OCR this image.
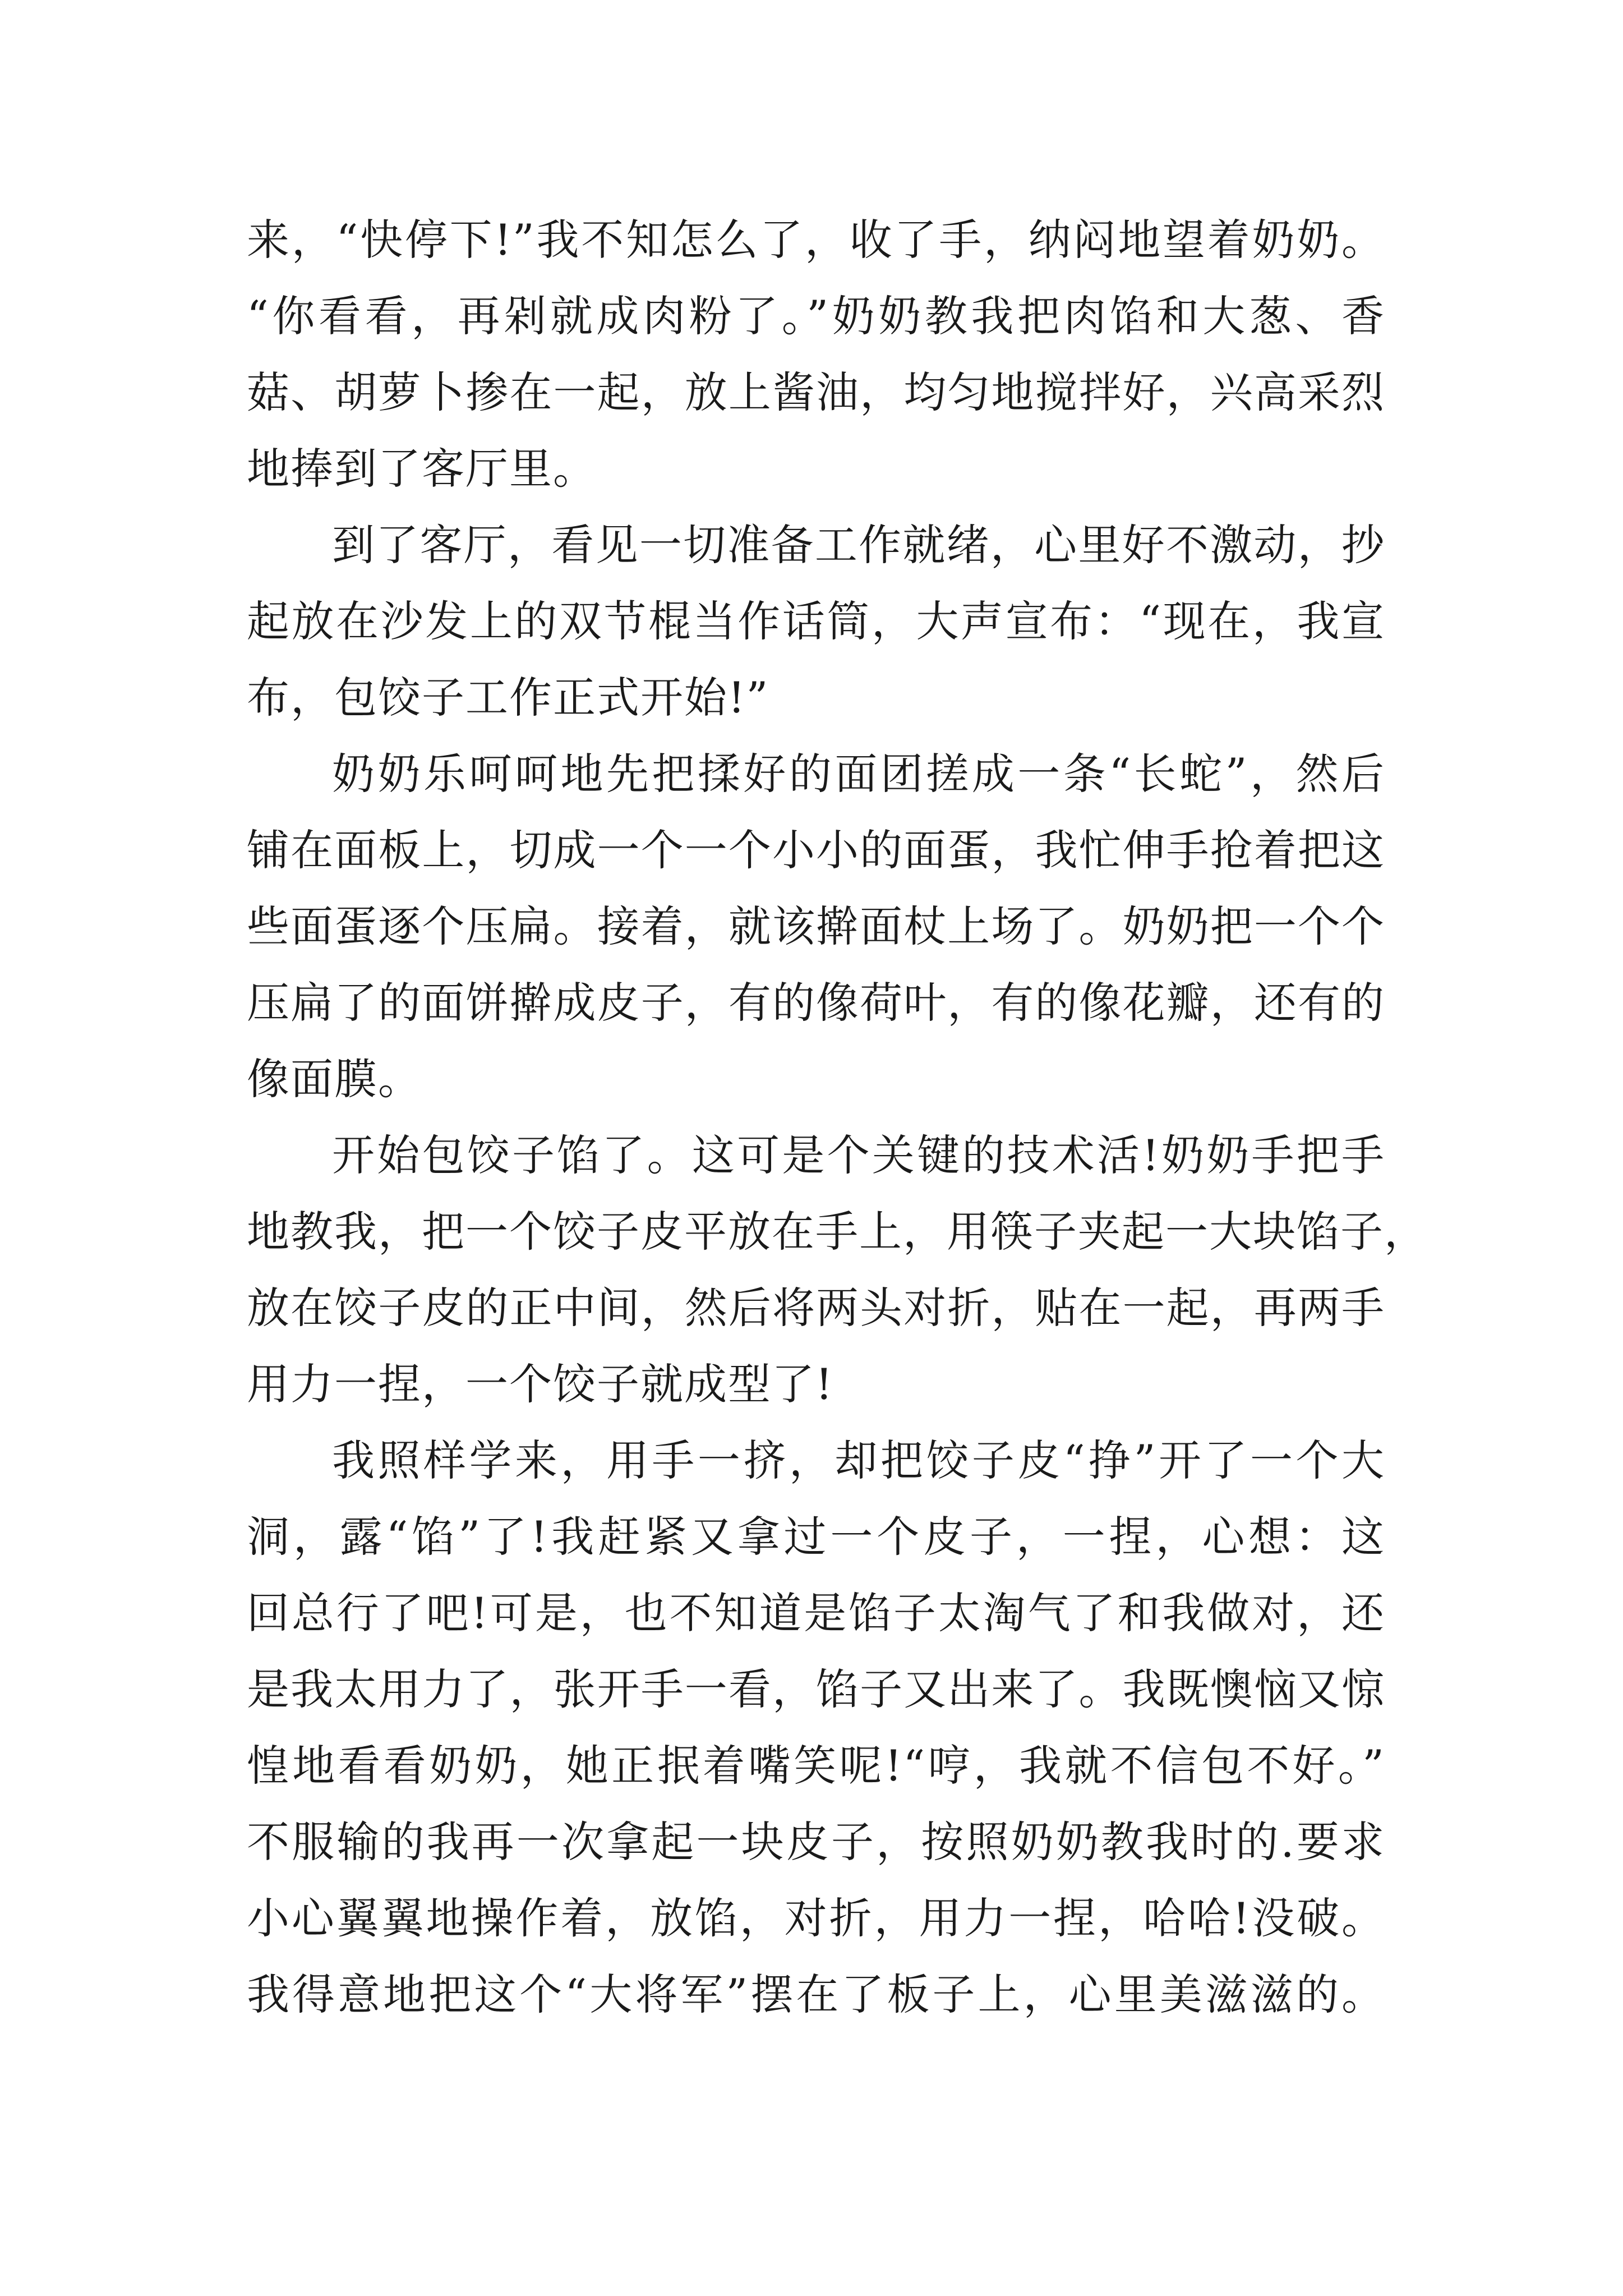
来，“快停下!”我不知怎么了，收了手，纳闷地望着奶奶。
“你看看，再剁就成肉粉了。”奶奶教我把肉馅和大葱、香
菇、胡萝卜掺在一起，放上酱油，均匀地搅拌好，兴高采烈
地捧到了客厅里。
到了客厅，看见一切准备工作就绪，心里好不激动，抄
起放在沙发上的双节棍当作话筒，大声宣布：“现在，我宣
布，包饺子工作正式开始!”
奶奶乐呵呵地先把揉好的面团搓成一条“长蛇”，然后
铺在面板上，切成一个一个小小的面蛋，我忙伸手抢着把这
些面蛋逐个压扁。接着，就该擀面杖上场了。奶奶把一个个
压扁了的面饼擀成皮子，有的像荷叶，有的像花瓣，还有的
像面膜。
开始包饺子馅了。这可是个关键的技术活!奶奶手把手
地教我，把一个饺子皮平放在手上，用筷子夹起一大块馅子，
放在饺子皮的正中间，然后将两头对折，贴在一起，再两手
用力一捏，一个饺子就成型了!
我照样学来，用手一挤，却把饺子皮“挣”开了一个大
洞，露“馅”了!我赶紧又拿过一个皮子，一捏，心想：这
回总行了吧!可是，也不知道是馅子太淘气了和我做对，还
是我太用力了，张开手一看，馅子又出来了。我既懊恼又惊
惶地看看奶奶，她正抿着嘴笑呢!“哼，我就不信包不好。”
不服输的我再一次拿起一块皮子，按照奶奶教我时的.要求
小心翼翼地操作着，放馅，对折，用力一捏，哈哈!没破。
我得意地把这个“大将军”摆在了板子上，心里美滋滋的。
